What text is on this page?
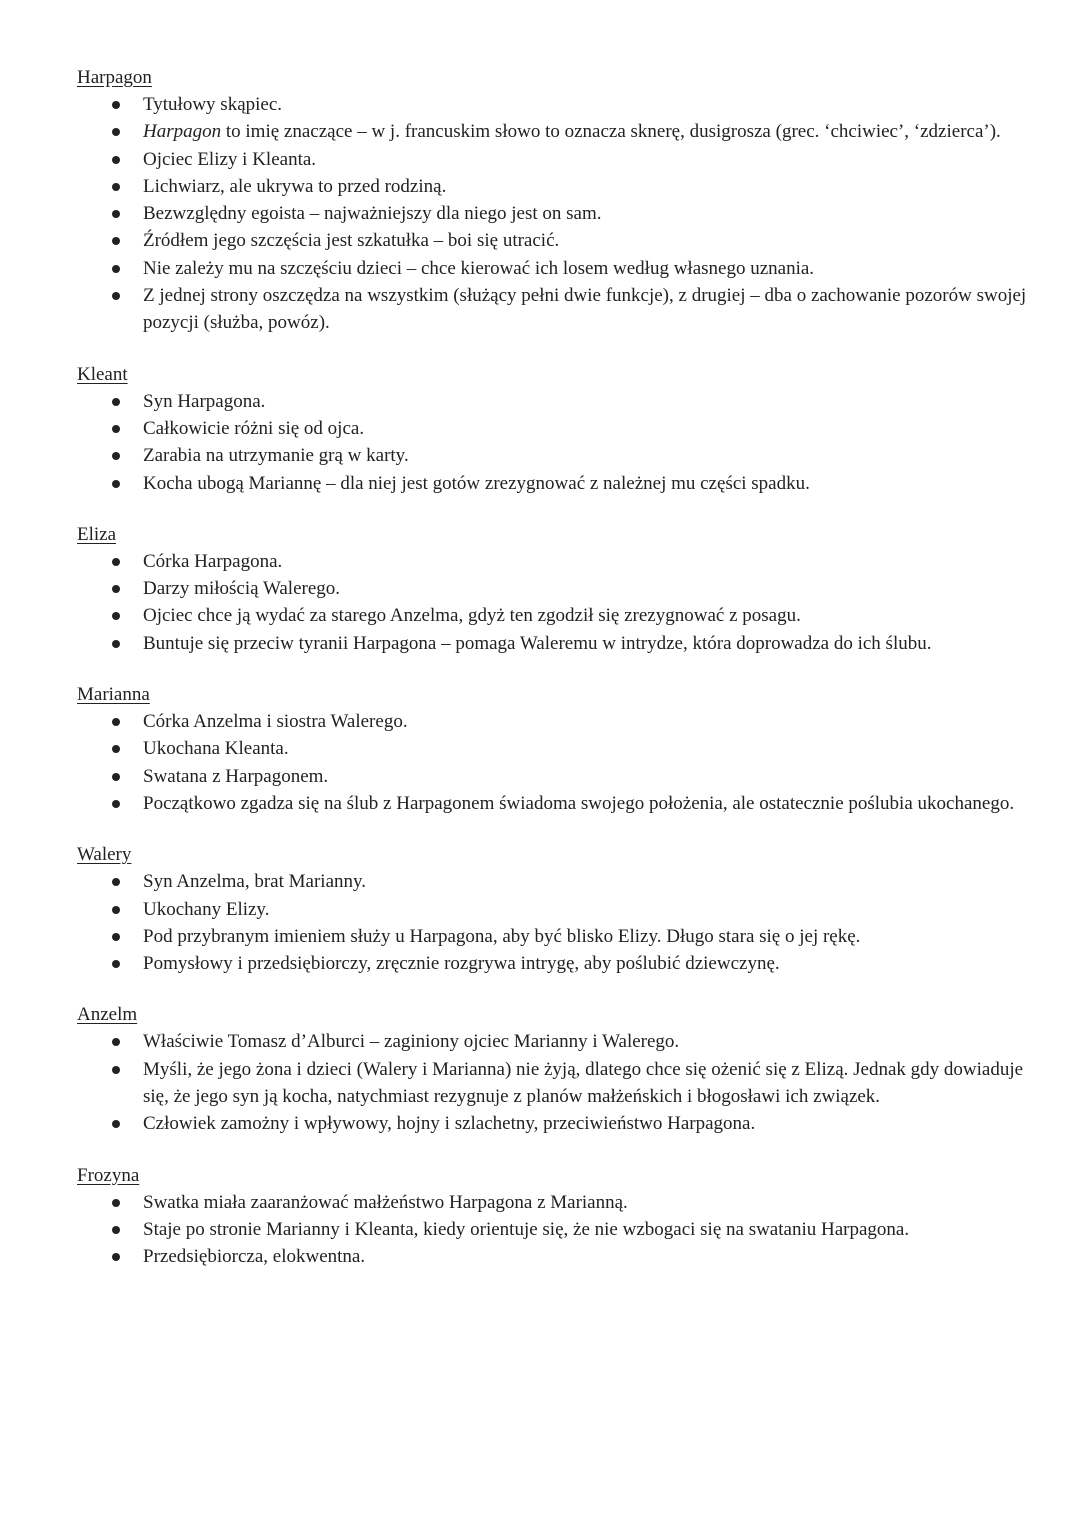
Harpagon
Tytułowy skąpiec.
Harpagon to imię znaczące – w j. francuskim słowo to oznacza sknerę, dusigrosza (grec. ‘chciwiec’, ‘zdzierca’).
Ojciec Elizy i Kleanta.
Lichwiarz, ale ukrywa to przed rodziną.
Bezwzględny egoista – najważniejszy dla niego jest on sam.
Źródłem jego szczęścia jest szkatułka – boi się utracić.
Nie zależy mu na szczęściu dzieci – chce kierować ich losem według własnego uznania.
Z jednej strony oszczędza na wszystkim (służący pełni dwie funkcje), z drugiej – dba o zachowanie pozorów swojej pozycji (służba, powóz).
Kleant
Syn Harpagona.
Całkowicie różni się od ojca.
Zarabia na utrzymanie grą w karty.
Kocha ubogą Mariannę – dla niej jest gotów zrezygnować z należnej mu części spadku.
Eliza
Córka Harpagona.
Darzy miłością Walerego.
Ojciec chce ją wydać za starego Anzelma, gdyż ten zgodził się zrezygnować z posagu.
Buntuje się przeciw tyranii Harpagona – pomaga Waleremu w intrydze, która doprowadza do ich ślubu.
Marianna
Córka Anzelma i siostra Walerego.
Ukochana Kleanta.
Swatana z Harpagonem.
Początkowo zgadza się na ślub z Harpagonem świadoma swojego położenia, ale ostatecznie poślubia ukochanego.
Walery
Syn Anzelma, brat Marianny.
Ukochany Elizy.
Pod przybranym imieniem służy u Harpagona, aby być blisko Elizy. Długo stara się o jej rękę.
Pomysłowy i przedsiębiorczy, zręcznie rozgrywa intrygę, aby poślubić dziewczynę.
Anzelm
Właściwie Tomasz d’Alburci – zaginiony ojciec Marianny i Walerego.
Myśli, że jego żona i dzieci (Walery i Marianna) nie żyją, dlatego chce się ożenić się z Elizą. Jednak gdy dowiaduje się, że jego syn ją kocha, natychmiast rezygnuje z planów małżeńskich i błogosławi ich związek.
Człowiek zamożny i wpływowy, hojny i szlachetny, przeciwieństwo Harpagona.
Frozyna
Swatka miała zaaranżować małżeństwo Harpagona z Marianną.
Staje po stronie Marianny i Kleanta, kiedy orientuje się, że nie wzbogaci się na swataniu Harpagona.
Przedsiębiorcza, elokwentna.
